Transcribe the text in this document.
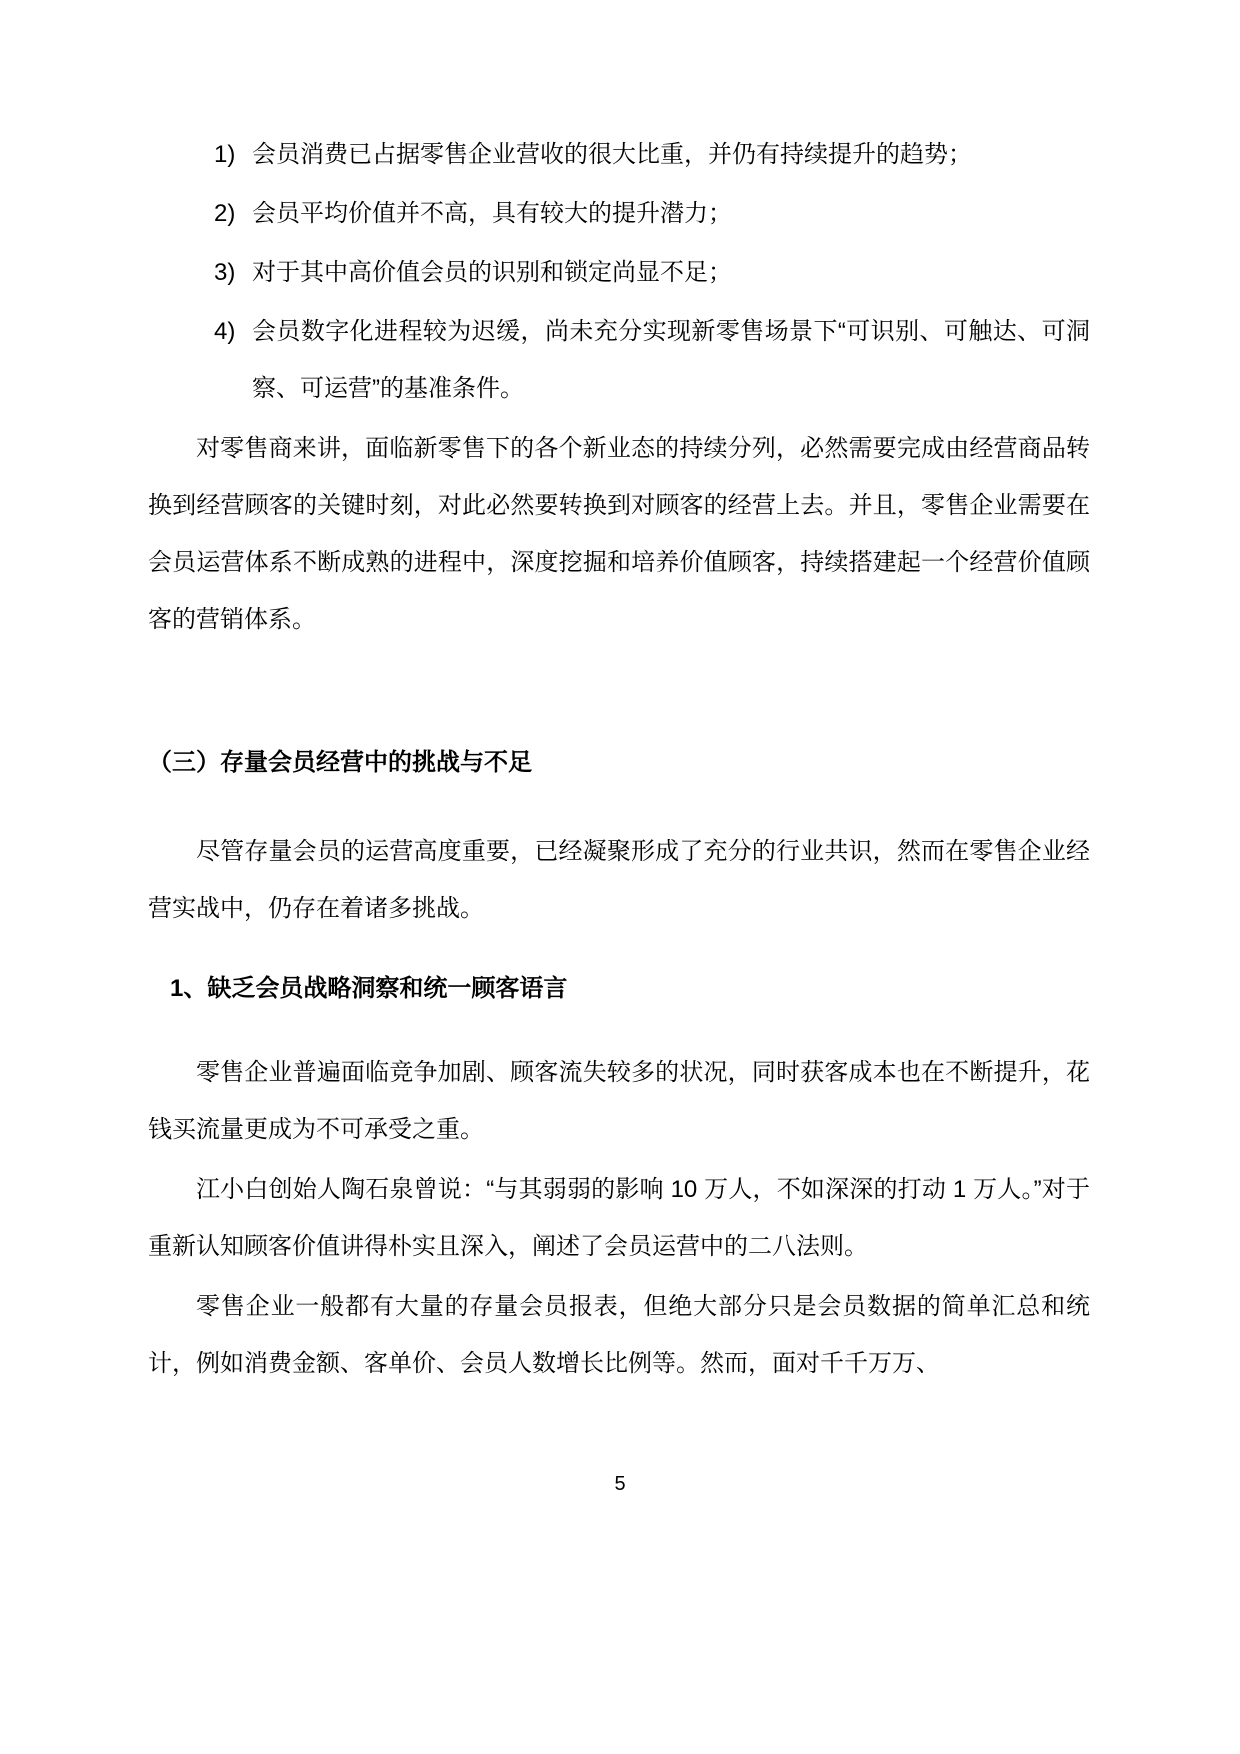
1) 会员消费已占据零售企业营收的很大比重，并仍有持续提升的趋势；
2) 会员平均价值并不高，具有较大的提升潜力；
3) 对于其中高价值会员的识别和锁定尚显不足；
4) 会员数字化进程较为迟缓，尚未充分实现新零售场景下“可识别、可触达、可洞察、可运营”的基准条件。

对零售商来讲，面临新零售下的各个新业态的持续分列，必然需要完成由经营商品转换到经营顾客的关键时刻，对此必然要转换到对顾客的经营上去。并且，零售企业需要在会员运营体系不断成熟的进程中，深度挖掘和培养价值顾客，持续搭建起一个经营价值顾客的营销体系。

（三）存量会员经营中的挑战与不足

尽管存量会员的运营高度重要，已经凝聚形成了充分的行业共识，然而在零售企业经营实战中，仍存在着诸多挑战。

1、缺乏会员战略洞察和统一顾客语言

零售企业普遍面临竞争加剧、顾客流失较多的状况，同时获客成本也在不断提升，花钱买流量更成为不可承受之重。

江小白创始人陶石泉曾说：“与其弱弱的影响 10 万人，不如深深的打动 1 万人。”对于重新认知顾客价值讲得朴实且深入，阐述了会员运营中的二八法则。

零售企业一般都有大量的存量会员报表，但绝大部分只是会员数据的简单汇总和统计，例如消费金额、客单价、会员人数增长比例等。然而，面对千千万万、

5
